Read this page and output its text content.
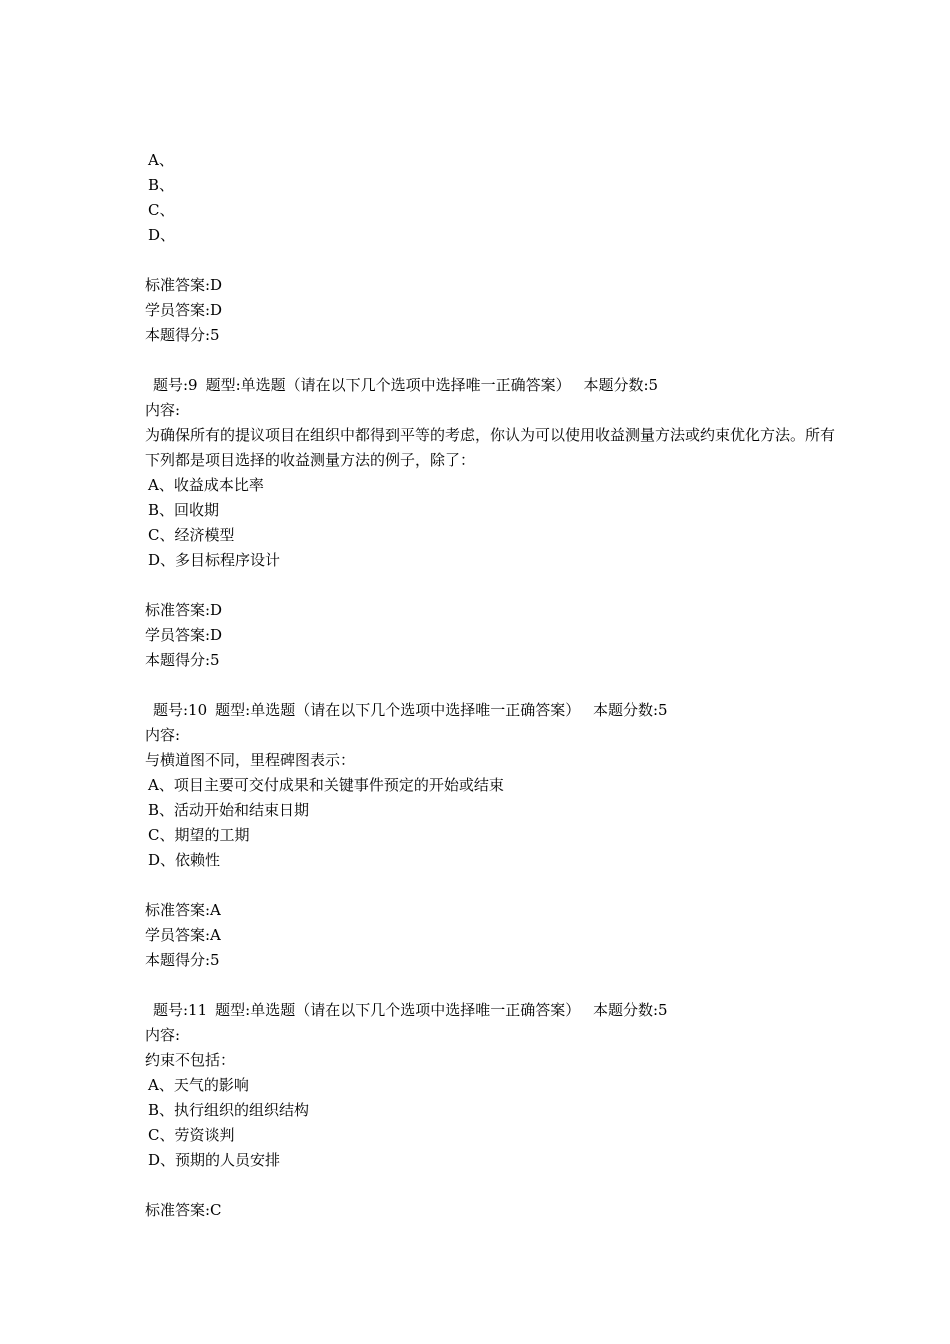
A、
B、
C、
D、
标准答案:D
学员答案:D
本题得分:5
题号:9 题型:单选题（请在以下几个选项中选择唯一正确答案） 本题分数:5
内容:
为确保所有的提议项目在组织中都得到平等的考虑，你认为可以使用收益测量方法或约束优化方法。所有下列都是项目选择的收益测量方法的例子，除了：
A、收益成本比率
B、回收期
C、经济模型
D、多目标程序设计
标准答案:D
学员答案:D
本题得分:5
题号:10 题型:单选题（请在以下几个选项中选择唯一正确答案） 本题分数:5
内容:
与横道图不同，里程碑图表示：
A、项目主要可交付成果和关键事件预定的开始或结束
B、活动开始和结束日期
C、期望的工期
D、依赖性
标准答案:A
学员答案:A
本题得分:5
题号:11 题型:单选题（请在以下几个选项中选择唯一正确答案） 本题分数:5
内容:
约束不包括：
A、天气的影响
B、执行组织的组织结构
C、劳资谈判
D、预期的人员安排
标准答案:C
